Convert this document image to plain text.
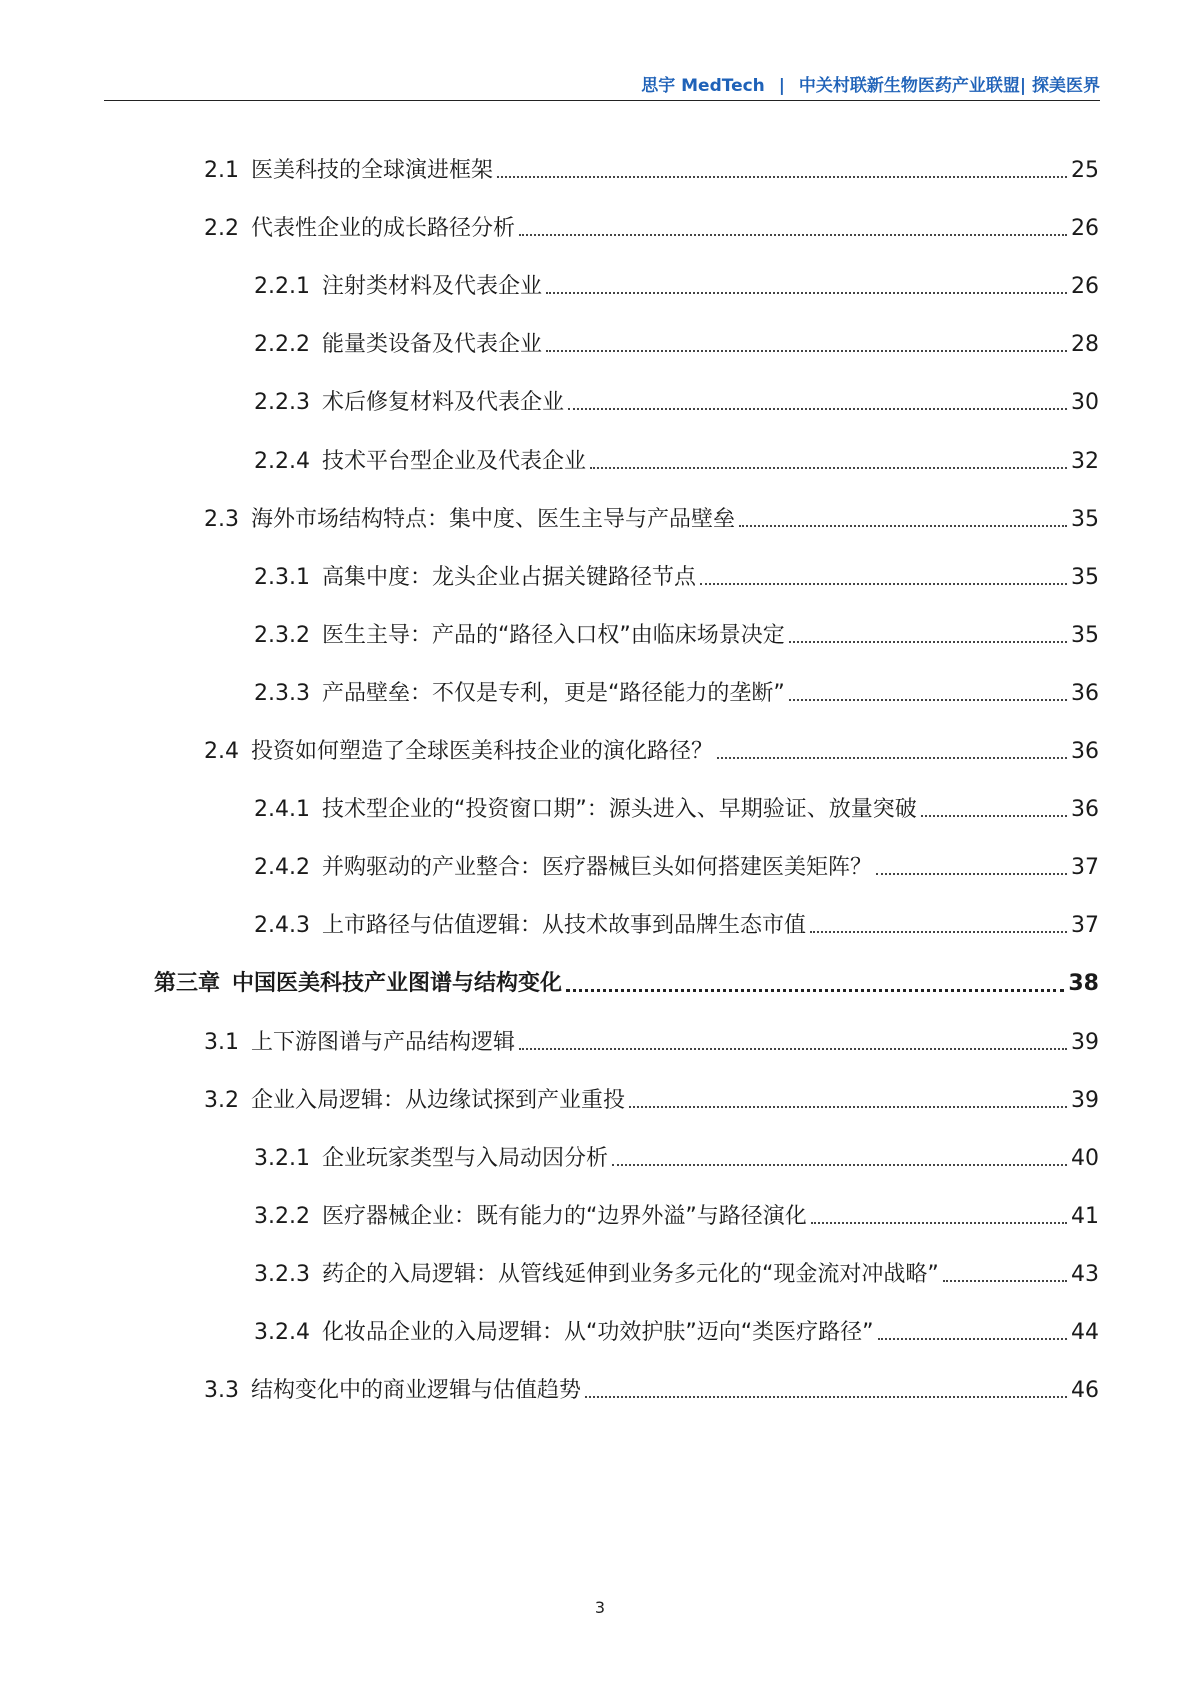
思宇 MedTech | 中关村联新生物医药产业联盟| 探美医界
2.1 医美科技的全球演进框架	25
2.2 代表性企业的成长路径分析	26
2.2.1 注射类材料及代表企业	26
2.2.2 能量类设备及代表企业	28
2.2.3 术后修复材料及代表企业	30
2.2.4 技术平台型企业及代表企业	32
2.3 海外市场结构特点：集中度、医生主导与产品壁垒	35
2.3.1 高集中度：龙头企业占据关键路径节点	35
2.3.2 医生主导：产品的“路径入口权”由临床场景决定	35
2.3.3 产品壁垒：不仅是专利，更是“路径能力的垄断”	36
2.4 投资如何塑造了全球医美科技企业的演化路径？	36
2.4.1 技术型企业的“投资窗口期”：源头进入、早期验证、放量突破	36
2.4.2 并购驱动的产业整合：医疗器械巨头如何搭建医美矩阵？	37
2.4.3 上市路径与估值逻辑：从技术故事到品牌生态市值	37
第三章 中国医美科技产业图谱与结构变化	38
3.1 上下游图谱与产品结构逻辑	39
3.2 企业入局逻辑：从边缘试探到产业重投	39
3.2.1 企业玩家类型与入局动因分析	40
3.2.2 医疗器械企业：既有能力的“边界外溢”与路径演化	41
3.2.3 药企的入局逻辑：从管线延伸到业务多元化的“现金流对冲战略”	43
3.2.4 化妆品企业的入局逻辑：从“功效护肤”迈向“类医疗路径”	44
3.3 结构变化中的商业逻辑与估值趋势	46
3
